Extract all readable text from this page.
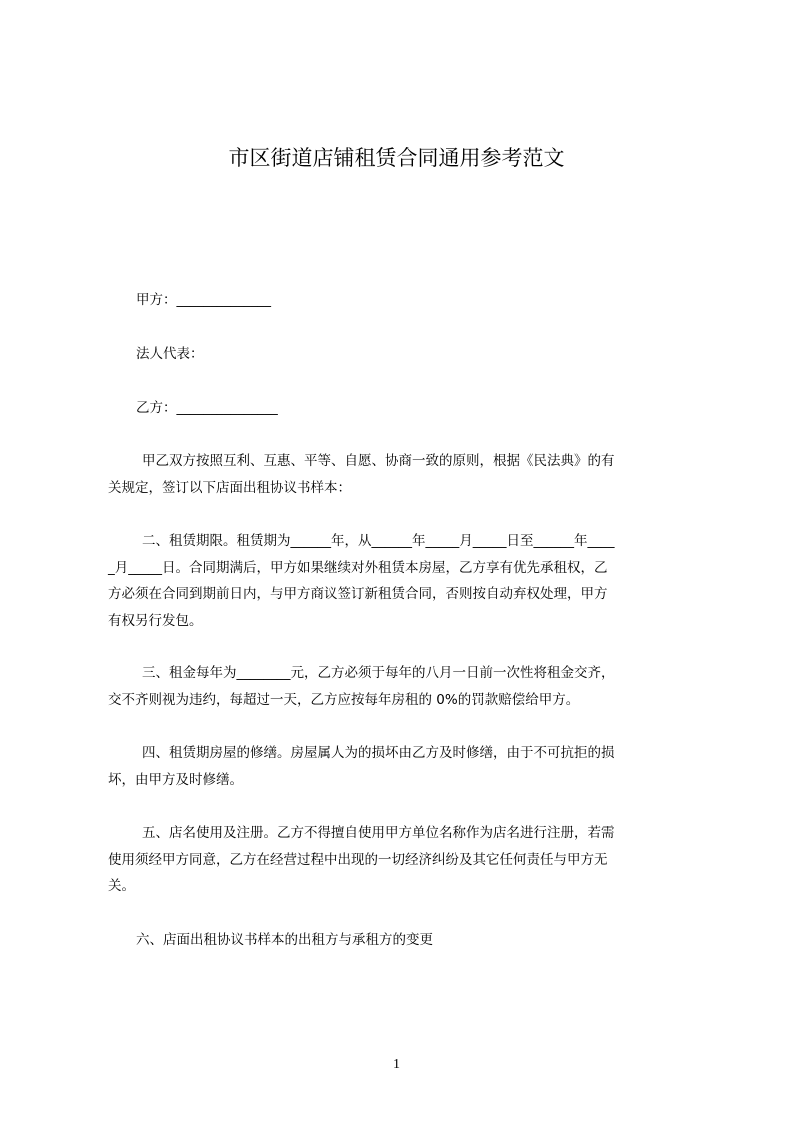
市区街道店铺租赁合同通用参考范文
甲方：______________
法人代表：
乙方：_______________
甲乙双方按照互利、互惠、平等、自愿、协商一致的原则，根据《民法典》的有
关规定，签订以下店面出租协议书样本：
二、租赁期限。租赁期为______年，从______年_____月_____日至______年____
_月_____日。合同期满后，甲方如果继续对外租赁本房屋，乙方享有优先承租权，乙
方必须在合同到期前日内，与甲方商议签订新租赁合同，否则按自动弃权处理，甲方
有权另行发包。
三、租金每年为________元，乙方必须于每年的八月一日前一次性将租金交齐，
交不齐则视为违约，每超过一天，乙方应按每年房租的 0%的罚款赔偿给甲方。
四、租赁期房屋的修缮。房屋属人为的损坏由乙方及时修缮，由于不可抗拒的损
坏，由甲方及时修缮。
五、店名使用及注册。乙方不得擅自使用甲方单位名称作为店名进行注册，若需
使用须经甲方同意，乙方在经营过程中出现的一切经济纠纷及其它任何责任与甲方无
关。
六、店面出租协议书样本的出租方与承租方的变更
1
